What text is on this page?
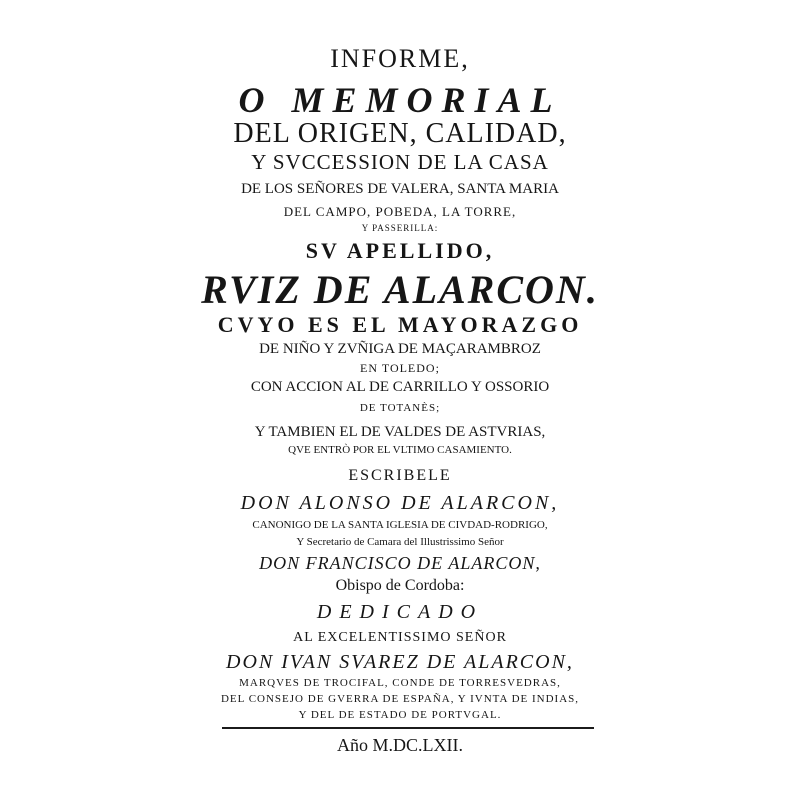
INFORME,
O MEMORIAL
DEL ORIGEN, CALIDAD,
Y SVCCESSION DE LA CASA
DE LOS SEÑORES DE VALERA, SANTA MARIA
DEL CAMPO, POBEDA, LA TORRE,
Y PASSERILLA:
SV APELLIDO,
RVIZ DE ALARCON.
CVYO ES EL MAYORAZGO
DE NIÑO Y ZVÑIGA DE MAÇARAMBROZ
EN TOLEDO;
CON ACCION AL DE CARRILLO Y OSSORIO
DE TOTANÈS;
Y TAMBIEN EL DE VALDES DE ASTVRIAS,
QVE ENTRÒ POR EL VLTIMO CASAMIENTO.
ESCRIBELE
DON ALONSO DE ALARCON,
CANONIGO DE LA SANTA IGLESIA DE CIVDAD-RODRIGO,
Y Secretario de Camara del Illustrissimo Señor
DON FRANCISCO DE ALARCON,
Obispo de Cordoba:
DEDICADO
AL EXCELENTISSIMO SEÑOR
DON IVAN SVAREZ DE ALARCON,
MARQVES DE TROCIFAL, CONDE DE TORRESVEDRAS,
DEL CONSEJO DE GVERRA DE ESPAÑA, Y IVNTA DE INDIAS,
Y DEL DE ESTADO DE PORTVGAL.
Año M.DC.LXII.
